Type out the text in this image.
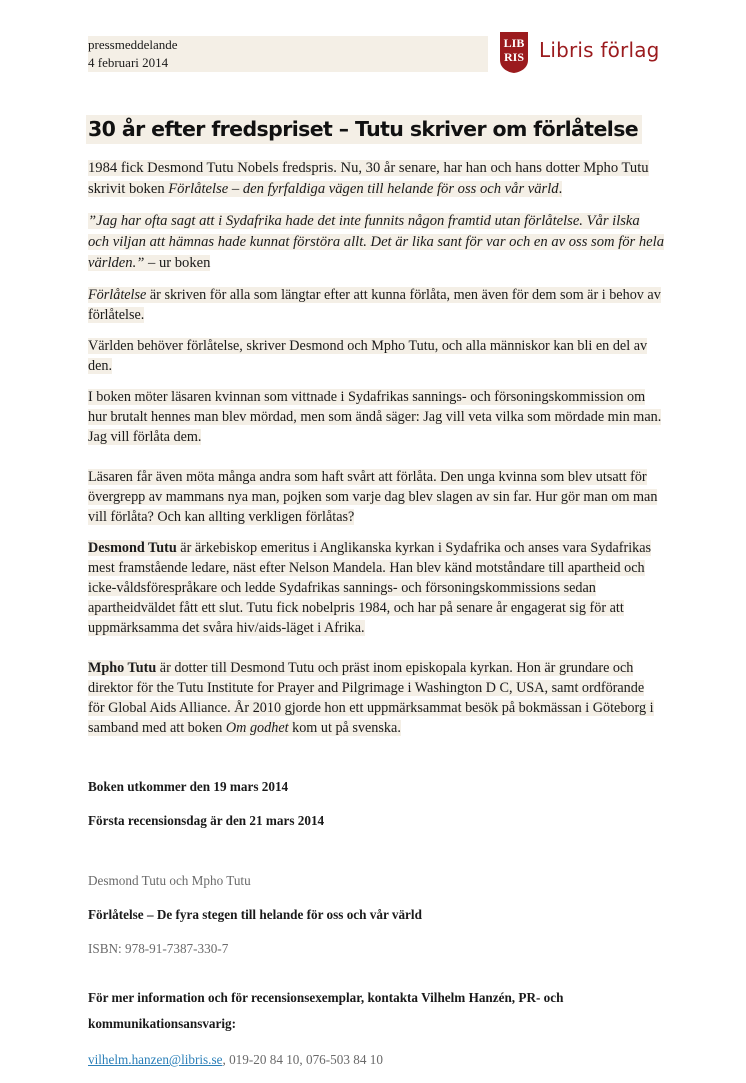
pressmeddelande
4 februari 2014
LIB
RIS Libris förlag
30 år efter fredspriset – Tutu skriver om förlåtelse

1984 fick Desmond Tutu Nobels fredspris. Nu, 30 år senare, har han och hans dotter Mpho Tutu skrivit boken Förlåtelse – den fyrfaldiga vägen till helande för oss och vår värld.

”Jag har ofta sagt att i Sydafrika hade det inte funnits någon framtid utan förlåtelse. Vår ilska och viljan att hämnas hade kunnat förstöra allt. Det är lika sant för var och en av oss som för hela världen.” – ur boken

Förlåtelse är skriven för alla som längtar efter att kunna förlåta, men även för dem som är i behov av förlåtelse.

Världen behöver förlåtelse, skriver Desmond och Mpho Tutu, och alla människor kan bli en del av den.

I boken möter läsaren kvinnan som vittnade i Sydafrikas sannings- och försoningskommission om hur brutalt hennes man blev mördad, men som ändå säger: Jag vill veta vilka som mördade min man. Jag vill förlåta dem.

Läsaren får även möta många andra som haft svårt att förlåta. Den unga kvinna som blev utsatt för övergrepp av mammans nya man, pojken som varje dag blev slagen av sin far. Hur gör man om man vill förlåta? Och kan allting verkligen förlåtas?

Desmond Tutu är ärkebiskop emeritus i Anglikanska kyrkan i Sydafrika och anses vara Sydafrikas mest framstående ledare, näst efter Nelson Mandela. Han blev känd motståndare till apartheid och icke-våldsförespråkare och ledde Sydafrikas sannings- och försoningskommissions sedan apartheidväldet fått ett slut. Tutu fick nobelpris 1984, och har på senare år engagerat sig för att uppmärksamma det svåra hiv/aids-läget i Afrika.

Mpho Tutu är dotter till Desmond Tutu och präst inom episkopala kyrkan. Hon är grundare och direktor för the Tutu Institute for Prayer and Pilgrimage i Washington D C, USA, samt ordförande för Global Aids Alliance. År 2010 gjorde hon ett uppmärksammat besök på bokmässan i Göteborg i samband med att boken Om godhet kom ut på svenska.

Boken utkommer den 19 mars 2014

Första recensionsdag är den 21 mars 2014

Desmond Tutu och Mpho Tutu

Förlåtelse – De fyra stegen till helande för oss och vår värld

ISBN: 978-91-7387-330-7

För mer information och för recensionsexemplar, kontakta Vilhelm Hanzén, PR- och kommunikationsansvarig:

vilhelm.hanzen@libris.se, 019-20 84 10, 076-503 84 10
